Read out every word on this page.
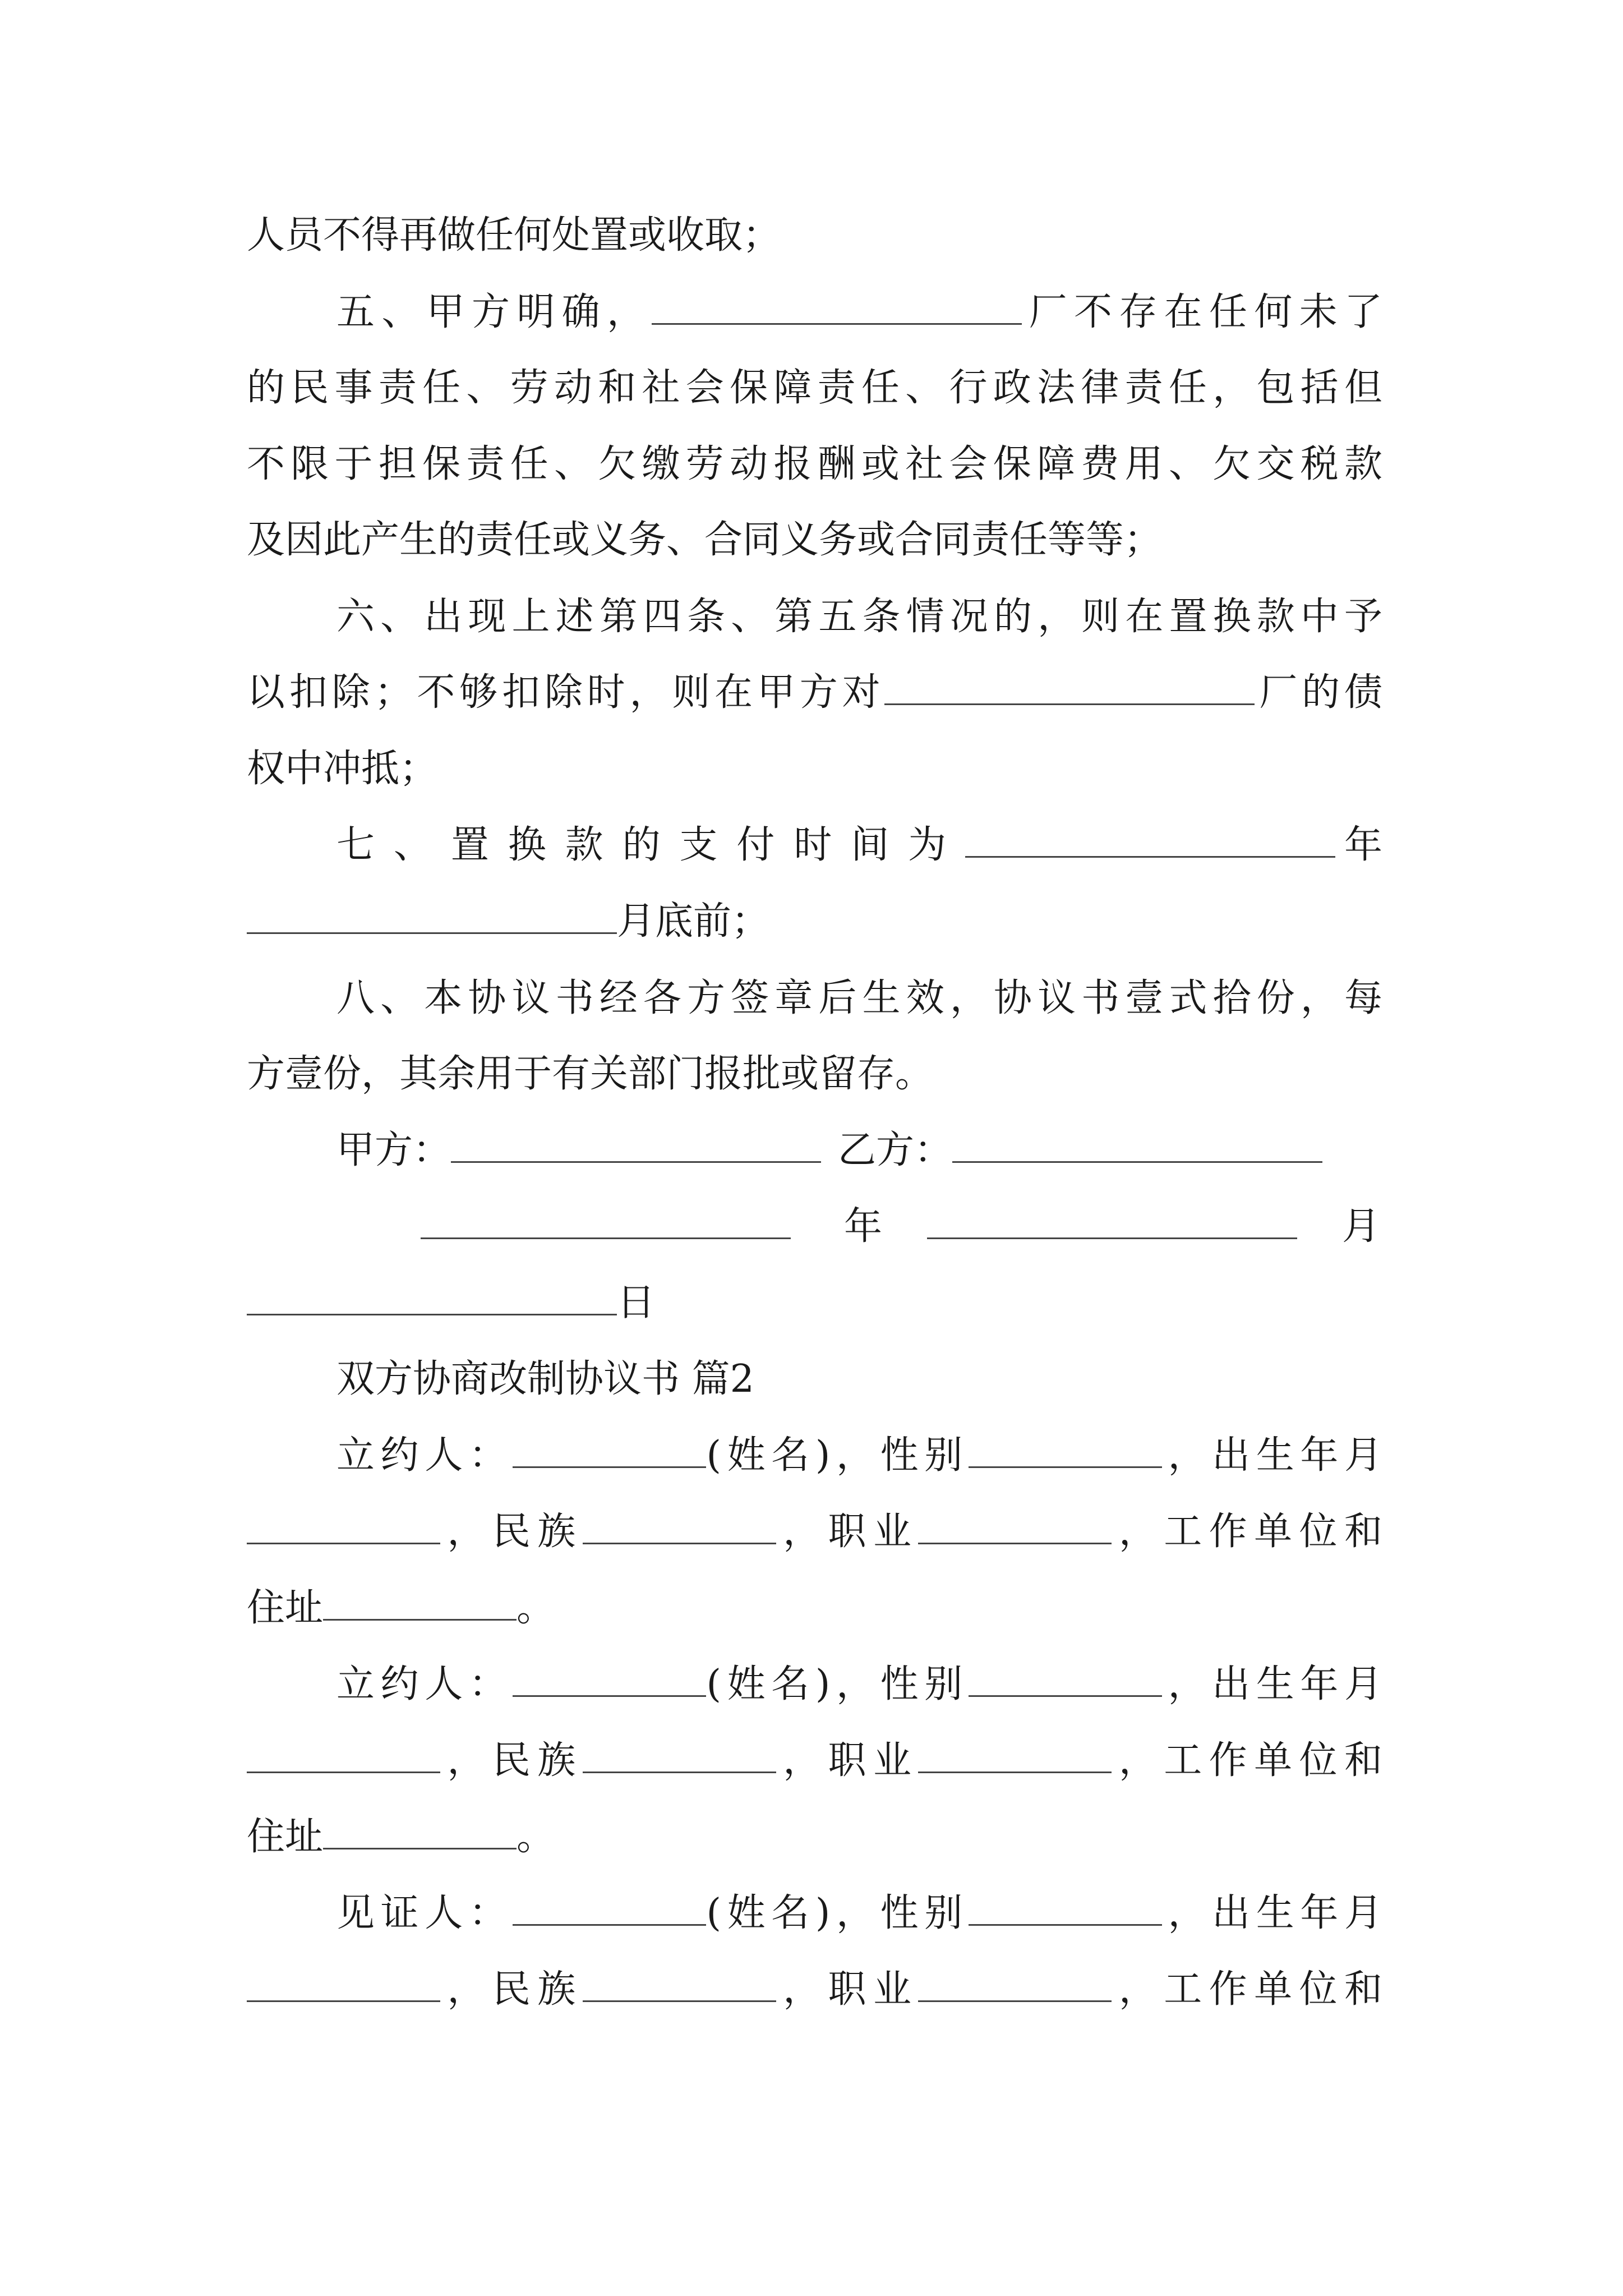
人员不得再做任何处置或收取；
五、甲方明确，	厂不存在任何未了
的民事责任、劳动和社会保障责任、行政法律责任，包括但
不限于担保责任、欠缴劳动报酬或社会保障费用、欠交税款
及因此产生的责任或义务、合同义务或合同责任等等；
六、出现上述第四条、第五条情况的，则在置换款中予
以扣除；不够扣除时，则在甲方对	厂的债
权中冲抵；
七、置换款的支付时间为	年
月底前；
八、本协议书经各方签章后生效，协议书壹式拾份，每
方壹份，其余用于有关部门报批或留存。
甲方：	乙方：
年	月
日
双方协商改制协议书 篇2
立约人：	(姓名)，性别	，出生年月
，民族	，职业	，工作单位和
住址	。
立约人：	(姓名)，性别	，出生年月
，民族	，职业	，工作单位和
住址	。
见证人：	(姓名)，性别	，出生年月
，民族	，职业	，工作单位和
